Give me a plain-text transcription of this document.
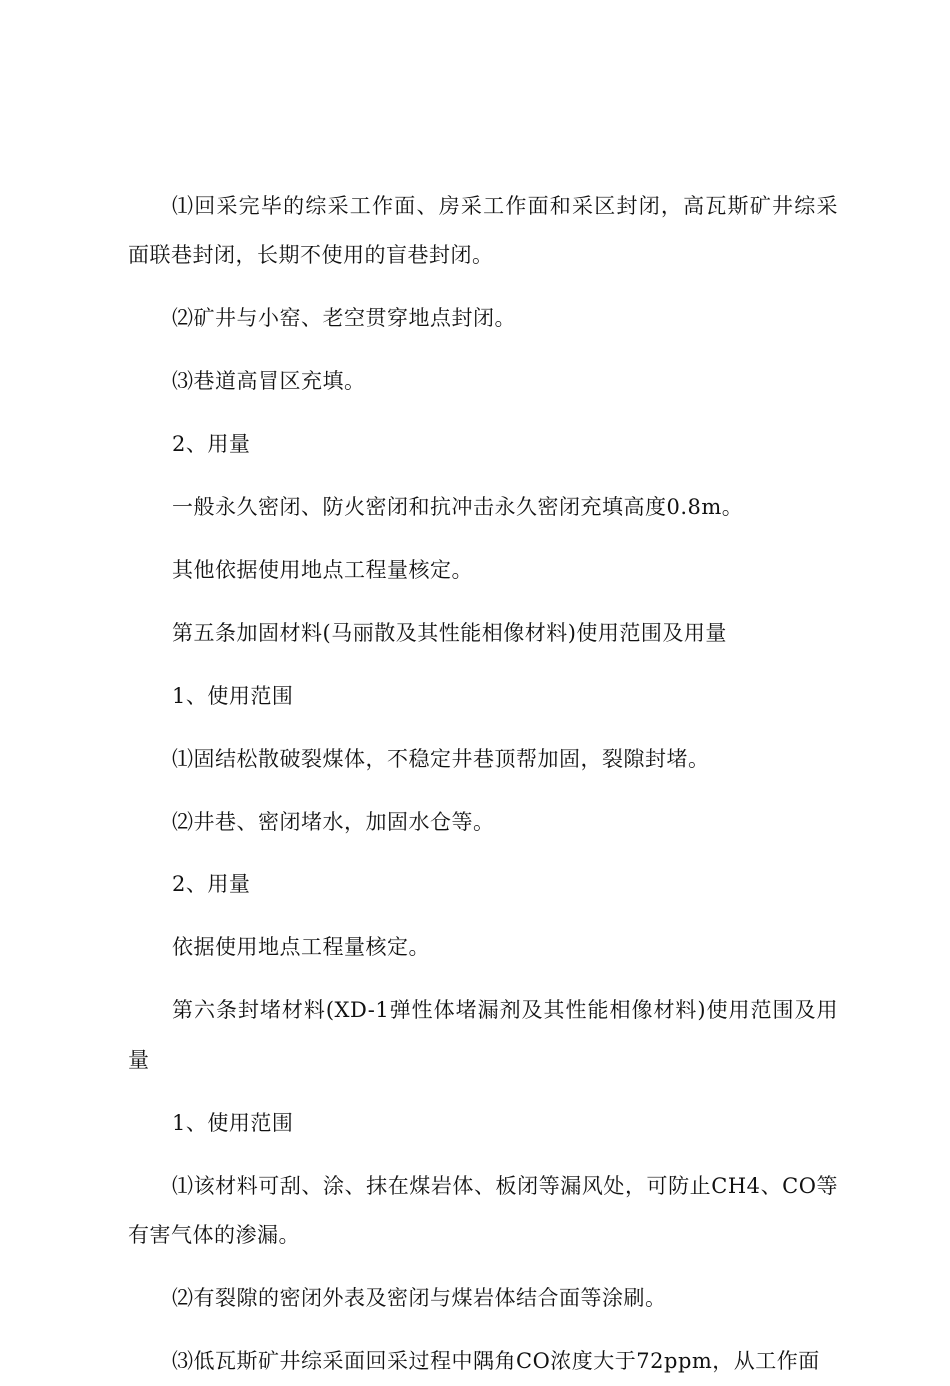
⑴回采完毕的综采工作面、房采工作面和采区封闭，高瓦斯矿井综采面联巷封闭，长期不使用的盲巷封闭。

⑵矿井与小窑、老空贯穿地点封闭。

⑶巷道高冒区充填。

2、用量

一般永久密闭、防火密闭和抗冲击永久密闭充填高度0.8m。

其他依据使用地点工程量核定。

第五条加固材料(马丽散及其性能相像材料)使用范围及用量

1、使用范围

⑴固结松散破裂煤体，不稳定井巷顶帮加固，裂隙封堵。

⑵井巷、密闭堵水，加固水仓等。

2、用量

依据使用地点工程量核定。

第六条封堵材料(XD-1弹性体堵漏剂及其性能相像材料)使用范围及用量

1、使用范围

⑴该材料可刮、涂、抹在煤岩体、板闭等漏风处，可防止CH4、CO等有害气体的渗漏。

⑵有裂隙的密闭外表及密闭与煤岩体结合面等涂刷。

⑶低瓦斯矿井综采面回采过程中隅角CO浓度大于72ppm，从工作面
